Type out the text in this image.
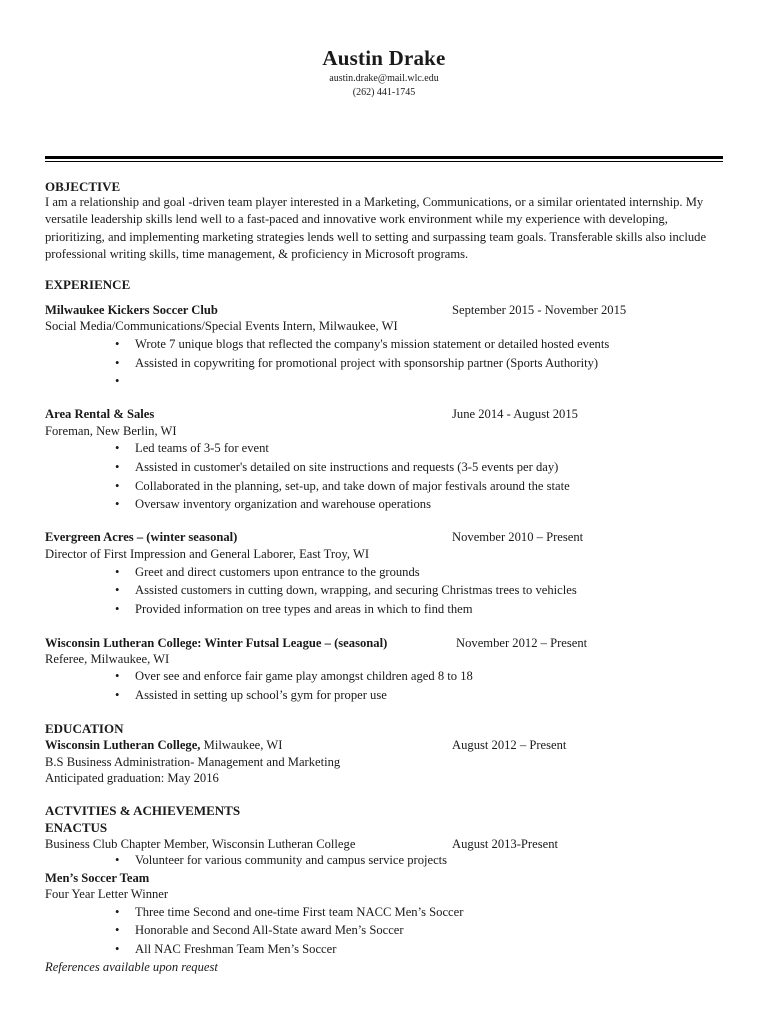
Austin Drake
austin.drake@mail.wlc.edu
(262) 441-1745
OBJECTIVE
I am a relationship and goal -driven team player interested in a Marketing, Communications, or a similar orientated internship. My versatile leadership skills lend well to a fast-paced and innovative work environment while my experience with developing, prioritizing, and implementing marketing strategies lends well to setting and surpassing team goals. Transferable skills also include professional writing skills, time management, & proficiency in Microsoft programs.
EXPERIENCE
Milwaukee Kickers Soccer Club	September 2015 - November 2015
Social Media/Communications/Special Events Intern, Milwaukee, WI
• Wrote 7 unique blogs that reflected the company's mission statement or detailed hosted events
• Assisted in copywriting for promotional project with sponsorship partner (Sports Authority)
•
Area Rental & Sales	June 2014 - August 2015
Foreman, New Berlin, WI
• Led teams of 3-5 for event
• Assisted in customer's detailed on site instructions and requests (3-5 events per day)
• Collaborated in the planning, set-up, and take down of major festivals around the state
• Oversaw inventory organization and warehouse operations
Evergreen Acres – (winter seasonal)	November 2010 – Present
Director of First Impression and General Laborer, East Troy, WI
• Greet and direct customers upon entrance to the grounds
• Assisted customers in cutting down, wrapping, and securing Christmas trees to vehicles
• Provided information on tree types and areas in which to find them
Wisconsin Lutheran College: Winter Futsal League – (seasonal)	November 2012 – Present
Referee, Milwaukee, WI
• Over see and enforce fair game play amongst children aged 8 to 18
• Assisted in setting up school’s gym for proper use
EDUCATION
Wisconsin Lutheran College, Milwaukee, WI	August 2012 – Present
B.S Business Administration- Management and Marketing
Anticipated graduation: May 2016
ACTVITIES & ACHIEVEMENTS
ENACTUS
Business Club Chapter Member, Wisconsin Lutheran College	August 2013-Present
• Volunteer for various community and campus service projects
Men’s Soccer Team
Four Year Letter Winner
• Three time Second and one-time First team NACC Men’s Soccer
• Honorable and Second All-State award Men’s Soccer
• All NAC Freshman Team Men’s Soccer
References available upon request
